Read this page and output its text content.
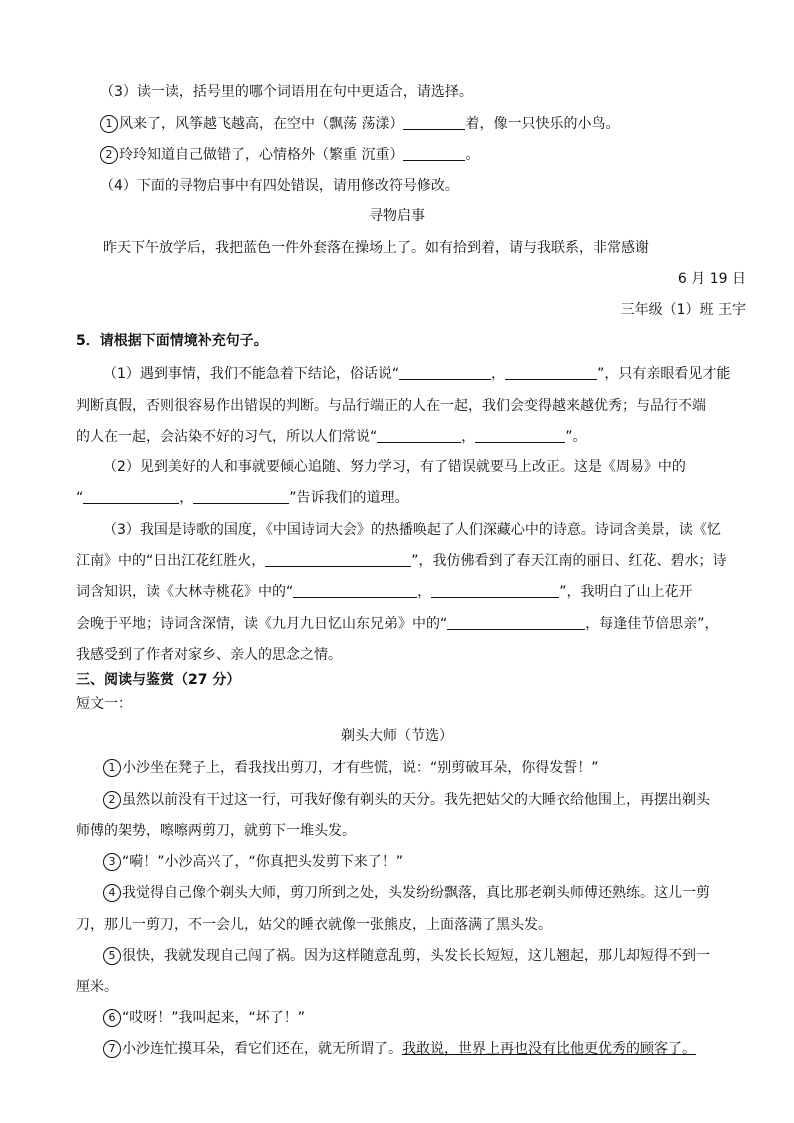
（3）读一读，括号里的哪个词语用在句中更适合，请选择。
1 风来了，风筝越飞越高，在空中（飘荡 荡漾）	着，像一只快乐的小鸟。
2 玲玲知道自己做错了，心情格外（繁重 沉重）	。
（4）下面的寻物启事中有四处错误，请用修改符号修改。
寻物启事
昨天下午放学后，我把蓝色一件外套落在操场上了。如有拾到着，请与我联系，非常感谢
6 月 19 日
三年级（1）班 王宇
5．请根据下面情境补充句子。
（1）遇到事情，我们不能急着下结论，俗话说“	，	”，只有亲眼看见才能
判断真假，否则很容易作出错误的判断。与品行端正的人在一起，我们会变得越来越优秀；与品行不端
的人在一起，会沾染不好的习气，所以人们常说“	，	”。
（2）见到美好的人和事就要倾心追随、努力学习，有了错误就要马上改正。这是《周易》中的
“	，	”告诉我们的道理。
（3）我国是诗歌的国度，《中国诗词大会》的热播唤起了人们深藏心中的诗意。诗词含美景，读《忆
江南》中的“日出江花红胜火，	”，我仿佛看到了春天江南的丽日、红花、碧水；诗
词含知识，读《大林寺桃花》中的“	，	”，我明白了山上花开
会晚于平地；诗词含深情，读《九月九日忆山东兄弟》中的“	，每逢佳节倍思亲”，
我感受到了作者对家乡、亲人的思念之情。
三、阅读与鉴赏（27 分）
短文一：
剃头大师（节选）
1 小沙坐在凳子上，看我找出剪刀，才有些慌，说：“别剪破耳朵，你得发誓！”
2 虽然以前没有干过这一行，可我好像有剃头的天分。我先把姑父的大睡衣给他围上，再摆出剃头
师傅的架势，嚓嚓两剪刀，就剪下一堆头发。
3 “嗬！”小沙高兴了，“你真把头发剪下来了！”
4 我觉得自己像个剃头大师，剪刀所到之处，头发纷纷飘落，真比那老剃头师傅还熟练。这儿一剪
刀，那儿一剪刀，不一会儿，姑父的睡衣就像一张熊皮，上面落满了黑头发。
5 很快，我就发现自己闯了祸。因为这样随意乱剪，头发长长短短，这儿翘起，那儿却短得不到一
厘米。
6 “哎呀！”我叫起来，“坏了！”
7 小沙连忙摸耳朵，看它们还在，就无所谓了。我敢说，世界上再也没有比他更优秀的顾客了。
